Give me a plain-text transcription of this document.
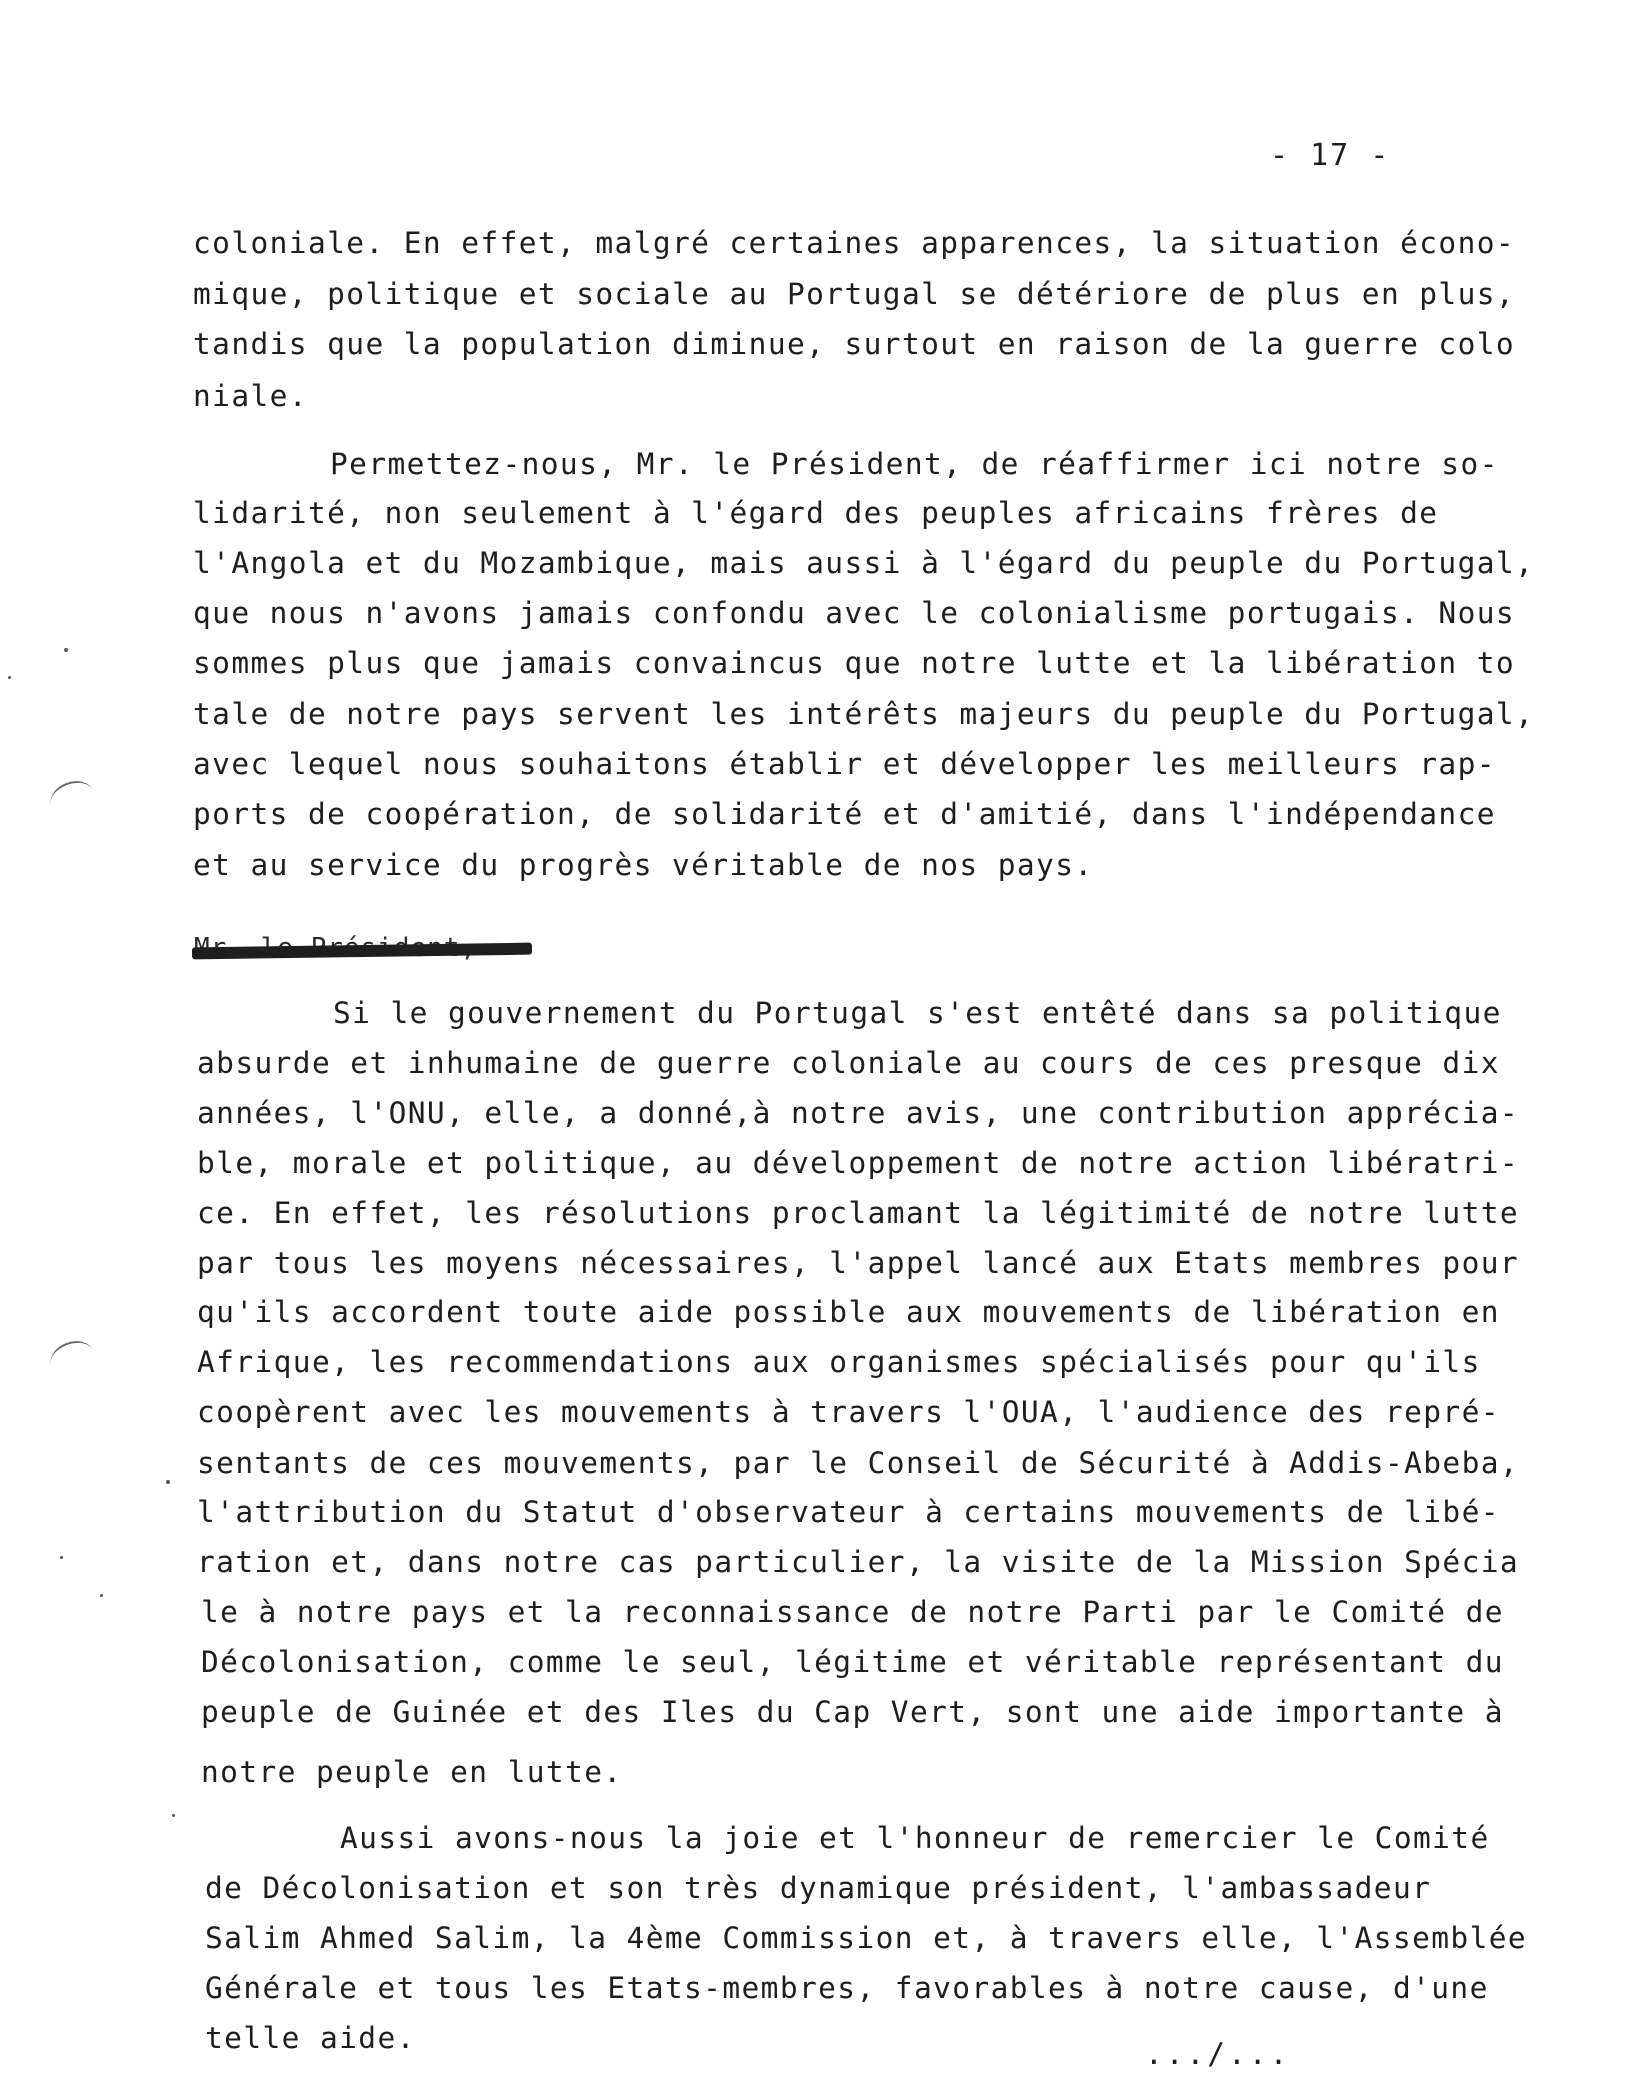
- 17 -
coloniale. En effet, malgré certaines apparences, la situation écono-
mique, politique et sociale au Portugal se détériore de plus en plus,
tandis que la population diminue, surtout en raison de la guerre colo
niale.
Permettez-nous, Mr. le Président, de réaffirmer ici notre so-
lidarité, non seulement à l'égard des peuples africains frères de
l'Angola et du Mozambique, mais aussi à l'égard du peuple du Portugal,
que nous n'avons jamais confondu avec le colonialisme portugais. Nous
sommes plus que jamais convaincus que notre lutte et la libération to
tale de notre pays servent les intérêts majeurs du peuple du Portugal,
avec lequel nous souhaitons établir et développer les meilleurs rap-
ports de coopération, de solidarité et d'amitié, dans l'indépendance
et au service du progrès véritable de nos pays.
Si le gouvernement du Portugal s'est entêté dans sa politique
absurde et inhumaine de guerre coloniale au cours de ces presque dix
années, l'ONU, elle, a donné,à notre avis, une contribution apprécia-
ble, morale et politique, au développement de notre action libératri-
ce. En effet, les résolutions proclamant la légitimité de notre lutte
par tous les moyens nécessaires, l'appel lancé aux Etats membres pour
qu'ils accordent toute aide possible aux mouvements de libération en
Afrique, les recommendations aux organismes spécialisés pour qu'ils
coopèrent avec les mouvements à travers l'OUA, l'audience des repré-
sentants de ces mouvements, par le Conseil de Sécurité à Addis-Abeba,
l'attribution du Statut d'observateur à certains mouvements de libé-
ration et, dans notre cas particulier, la visite de la Mission Spécia
le à notre pays et la reconnaissance de notre Parti par le Comité de
Décolonisation, comme le seul, légitime et véritable représentant du
peuple de Guinée et des Iles du Cap Vert, sont une aide importante à
notre peuple en lutte.
Aussi avons-nous la joie et l'honneur de remercier le Comité
de Décolonisation et son très dynamique président, l'ambassadeur
Salim Ahmed Salim, la 4ème Commission et, à travers elle, l'Assemblée
Générale et tous les Etats-membres, favorables à notre cause, d'une
telle aide.	.../...
